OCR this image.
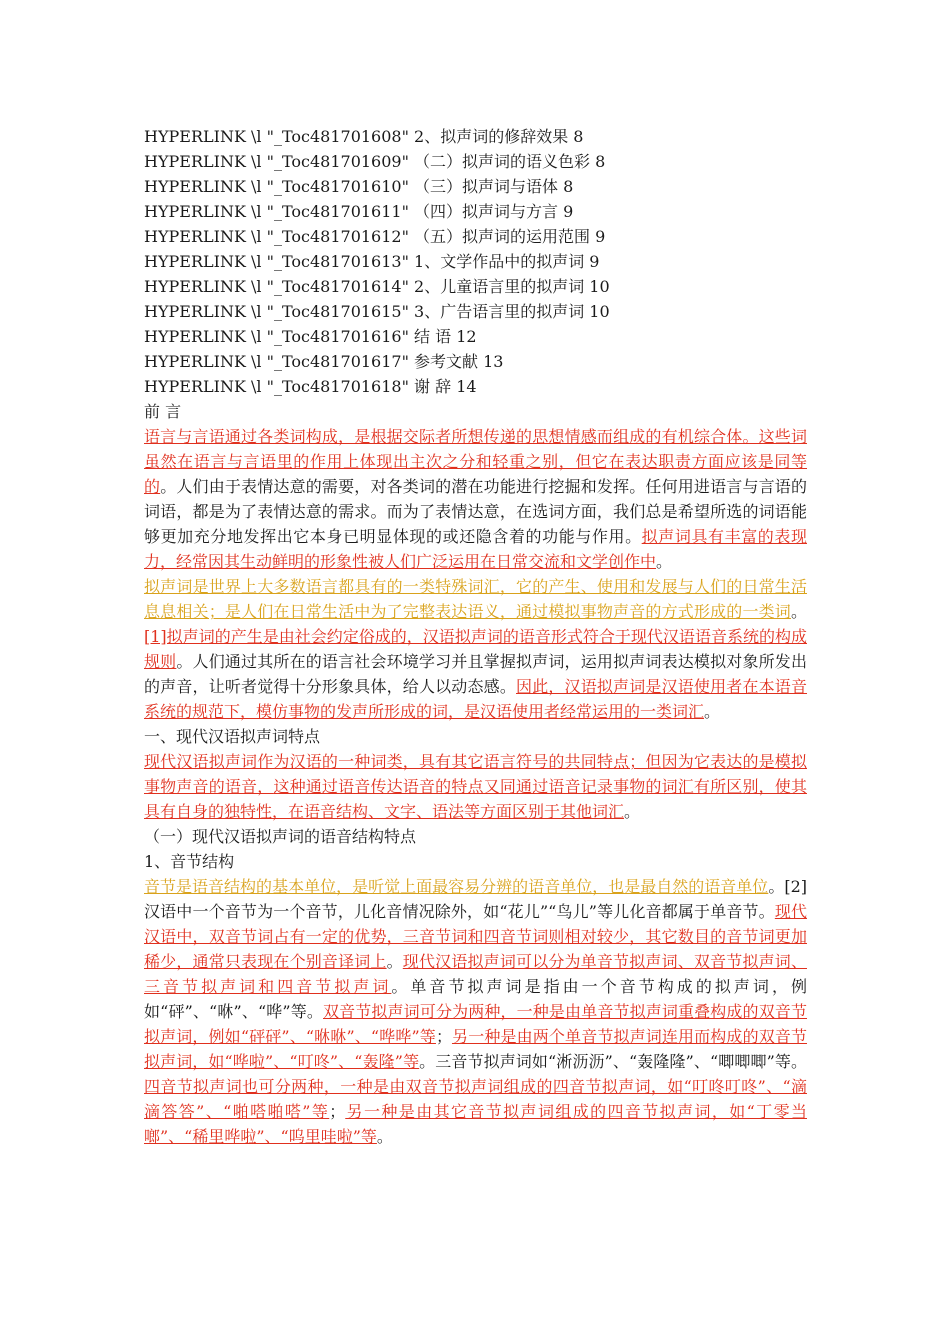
HYPERLINK \l "_Toc481701608" 2、拟声词的修辞效果 8
HYPERLINK \l "_Toc481701609" （二）拟声词的语义色彩 8
HYPERLINK \l "_Toc481701610" （三）拟声词与语体 8
HYPERLINK \l "_Toc481701611" （四）拟声词与方言 9
HYPERLINK \l "_Toc481701612" （五）拟声词的运用范围 9
HYPERLINK \l "_Toc481701613" 1、文学作品中的拟声词 9
HYPERLINK \l "_Toc481701614" 2、儿童语言里的拟声词 10
HYPERLINK \l "_Toc481701615" 3、广告语言里的拟声词 10
HYPERLINK \l "_Toc481701616" 结 语 12
HYPERLINK \l "_Toc481701617" 参考文献 13
HYPERLINK \l "_Toc481701618" 谢 辞 14

前 言

语言与言语通过各类词构成，是根据交际者所想传递的思想情感而组成的有机综合体。这些词虽然在语言与言语里的作用上体现出主次之分和轻重之别，但它在表达职责方面应该是同等的。人们由于表情达意的需要，对各类词的潜在功能进行挖掘和发挥。任何用进语言与言语的词语，都是为了表情达意的需求。而为了表情达意，在选词方面，我们总是希望所选的词语能够更加充分地发挥出它本身已明显体现的或还隐含着的功能与作用。拟声词具有丰富的表现力，经常因其生动鲜明的形象性被人们广泛运用在日常交流和文学创作中。

拟声词是世界上大多数语言都具有的一类特殊词汇，它的产生、使用和发展与人们的日常生活息息相关；是人们在日常生活中为了完整表达语义，通过模拟事物声音的方式形成的一类词。[1]拟声词的产生是由社会约定俗成的，汉语拟声词的语音形式符合于现代汉语语音系统的构成规则。人们通过其所在的语言社会环境学习并且掌握拟声词，运用拟声词表达模拟对象所发出的声音，让听者觉得十分形象具体，给人以动态感。因此，汉语拟声词是汉语使用者在本语音系统的规范下，模仿事物的发声所形成的词，是汉语使用者经常运用的一类词汇。

一、现代汉语拟声词特点

现代汉语拟声词作为汉语的一种词类，具有其它语言符号的共同特点；但因为它表达的是模拟事物声音的语音，这种通过语音传达语音的特点又同通过语音记录事物的词汇有所区别，使其具有自身的独特性，在语音结构、文字、语法等方面区别于其他词汇。

（一）现代汉语拟声词的语音结构特点

1、音节结构

音节是语音结构的基本单位，是听觉上面最容易分辨的语音单位，也是最自然的语音单位。[2]汉语中一个音节为一个音节，儿化音情况除外，如“花儿”“鸟儿”等儿化音都属于单音节。现代汉语中，双音节词占有一定的优势，三音节词和四音节词则相对较少，其它数目的音节词更加稀少，通常只表现在个别音译词上。现代汉语拟声词可以分为单音节拟声词、双音节拟声词、三音节拟声词和四音节拟声词。单音节拟声词是指由一个音节构成的拟声词，例如“砰”、“咻”、“哗”等。双音节拟声词可分为两种，一种是由单音节拟声词重叠构成的双音节拟声词，例如“砰砰”、“咻咻”、“哗哗”等；另一种是由两个单音节拟声词连用而构成的双音节拟声词，如“哗啦”、“叮咚”、“轰隆”等。三音节拟声词如“淅沥沥”、“轰隆隆”、“唧唧唧”等。四音节拟声词也可分两种，一种是由双音节拟声词组成的四音节拟声词，如“叮咚叮咚”、“滴滴答答”、“啪嗒啪嗒”等；另一种是由其它音节拟声词组成的四音节拟声词，如“丁零当啷”、“稀里哗啦”、“呜里哇啦”等。
